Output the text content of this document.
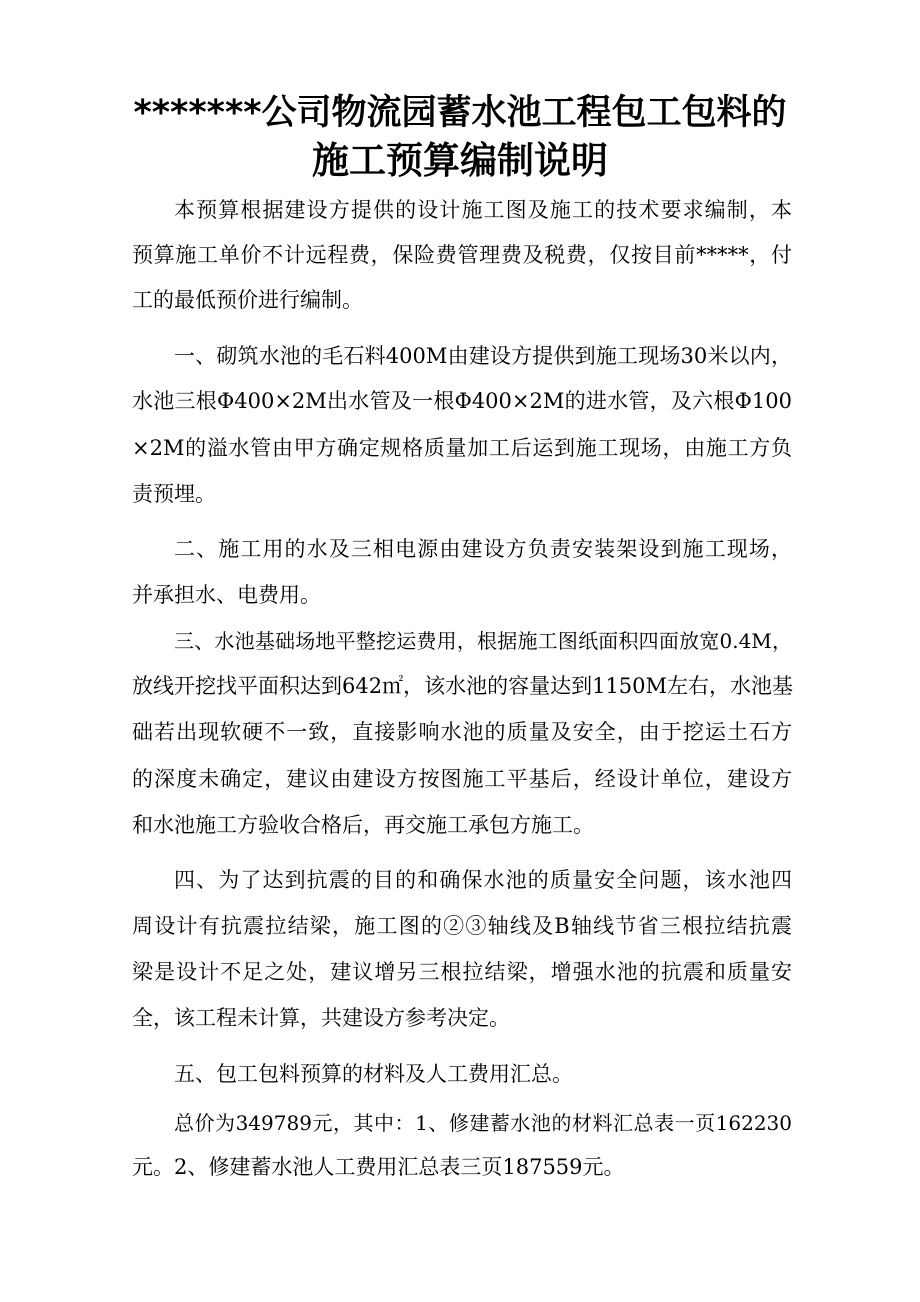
*******公司物流园蓄水池工程包工包料的
施工预算编制说明
本预算根据建设方提供的设计施工图及施工的技术要求编制，本
预算施工单价不计远程费，保险费管理费及税费，仅按目前*****，付
工的最低预价进行编制。
一、砌筑水池的毛石料400M由建设方提供到施工现场30米以内，
水池三根Φ400×2M出水管及一根Φ400×2M的进水管，及六根Φ100
×2M的溢水管由甲方确定规格质量加工后运到施工现场，由施工方负
责预埋。
二、施工用的水及三相电源由建设方负责安装架设到施工现场，
并承担水、电费用。
三、水池基础场地平整挖运费用，根据施工图纸面积四面放宽0.4M，
放线开挖找平面积达到642㎡，该水池的容量达到1150M左右，水池基
础若出现软硬不一致，直接影响水池的质量及安全，由于挖运土石方
的深度未确定，建议由建设方按图施工平基后，经设计单位，建设方
和水池施工方验收合格后，再交施工承包方施工。
四、为了达到抗震的目的和确保水池的质量安全问题，该水池四
周设计有抗震拉结梁，施工图的②③轴线及B轴线节省三根拉结抗震
梁是设计不足之处，建议增另三根拉结梁，增强水池的抗震和质量安
全，该工程未计算，共建设方参考决定。
五、包工包料预算的材料及人工费用汇总。
总价为349789元，其中：1、修建蓄水池的材料汇总表一页162230
元。2、修建蓄水池人工费用汇总表三页187559元。
